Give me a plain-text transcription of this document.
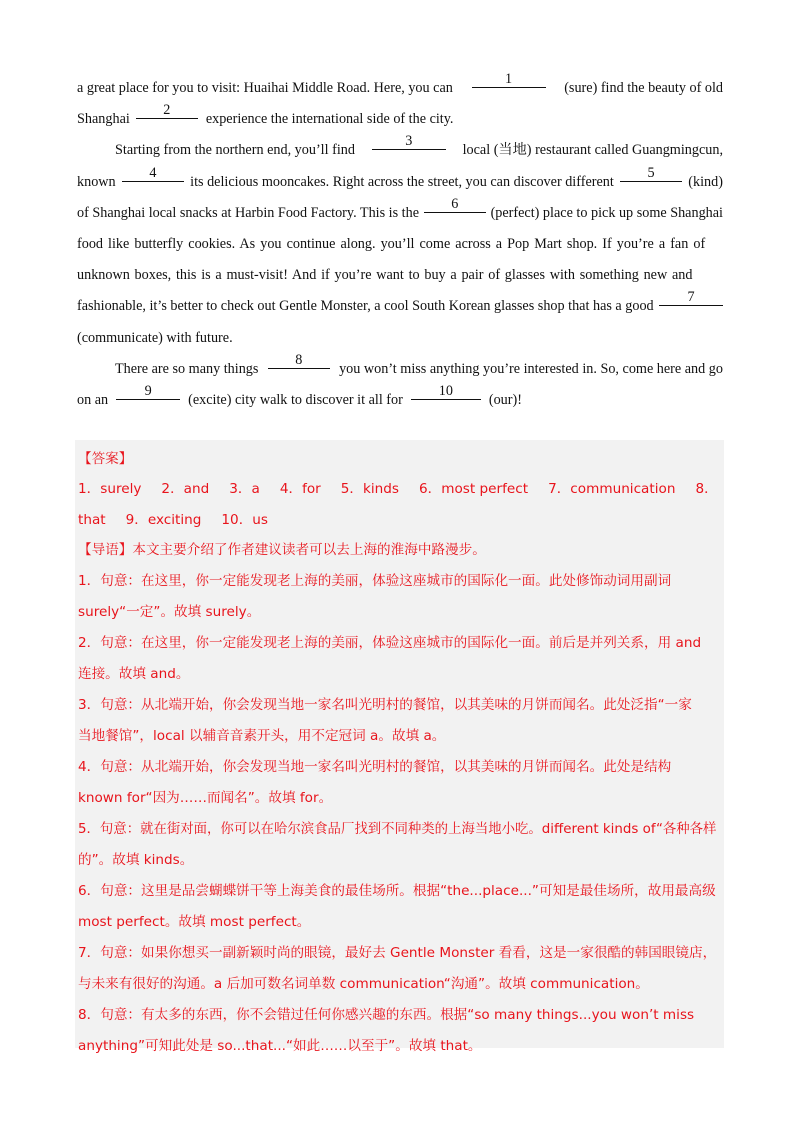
a great place for you to visit: Huaihai Middle Road. Here, you can
1
(sure) find the beauty of old
Shanghai
2
experience the international side of the city.
Starting from the northern end, you’ll find
3
local (当地) restaurant called Guangmingcun,
known
4
its delicious mooncakes. Right across the street, you can discover different
5
(kind)
of Shanghai local snacks at Harbin Food Factory. This is the
6
(perfect) place to pick up some Shanghai
food like butterfly cookies. As you continue along. you’ll come across a Pop Mart shop. If you’re a fan of
unknown boxes, this is a must-visit! And if you’re want to buy a pair of glasses with something new and
fashionable, it’s better to check out Gentle Monster, a cool South Korean glasses shop that has a good
7
(communicate) with future.
There are so many things
8
you won’t miss anything you’re interested in. So, come here and go
on an
9
(excite) city walk to discover it all for
10
(our)!
【答案】
1．surely 2．and 3．a 4．for 5．kinds 6．most perfect 7．communication 8．
that 9．exciting 10．us
【导语】本文主要介绍了作者建议读者可以去上海的淮海中路漫步。
1．句意：在这里，你一定能发现老上海的美丽，体验这座城市的国际化一面。此处修饰动词用副词
surely“一定”。故填 surely。
2．句意：在这里，你一定能发现老上海的美丽，体验这座城市的国际化一面。前后是并列关系，用 and
连接。故填 and。
3．句意：从北端开始，你会发现当地一家名叫光明村的餐馆，以其美味的月饼而闻名。此处泛指“一家
当地餐馆”，local 以辅音音素开头，用不定冠词 a。故填 a。
4．句意：从北端开始，你会发现当地一家名叫光明村的餐馆，以其美味的月饼而闻名。此处是结构
known for“因为……而闻名”。故填 for。
5．句意：就在街对面，你可以在哈尔滨食品厂找到不同种类的上海当地小吃。different kinds of“各种各样
的”。故填 kinds。
6．句意：这里是品尝蝴蝶饼干等上海美食的最佳场所。根据“the...place...”可知是最佳场所，故用最高级
most perfect。故填 most perfect。
7．句意：如果你想买一副新颖时尚的眼镜，最好去 Gentle Monster 看看，这是一家很酷的韩国眼镜店，
与未来有很好的沟通。a 后加可数名词单数 communication“沟通”。故填 communication。
8．句意：有太多的东西，你不会错过任何你感兴趣的东西。根据“so many things...you won’t miss
anything”可知此处是 so...that...“如此……以至于”。故填 that。
